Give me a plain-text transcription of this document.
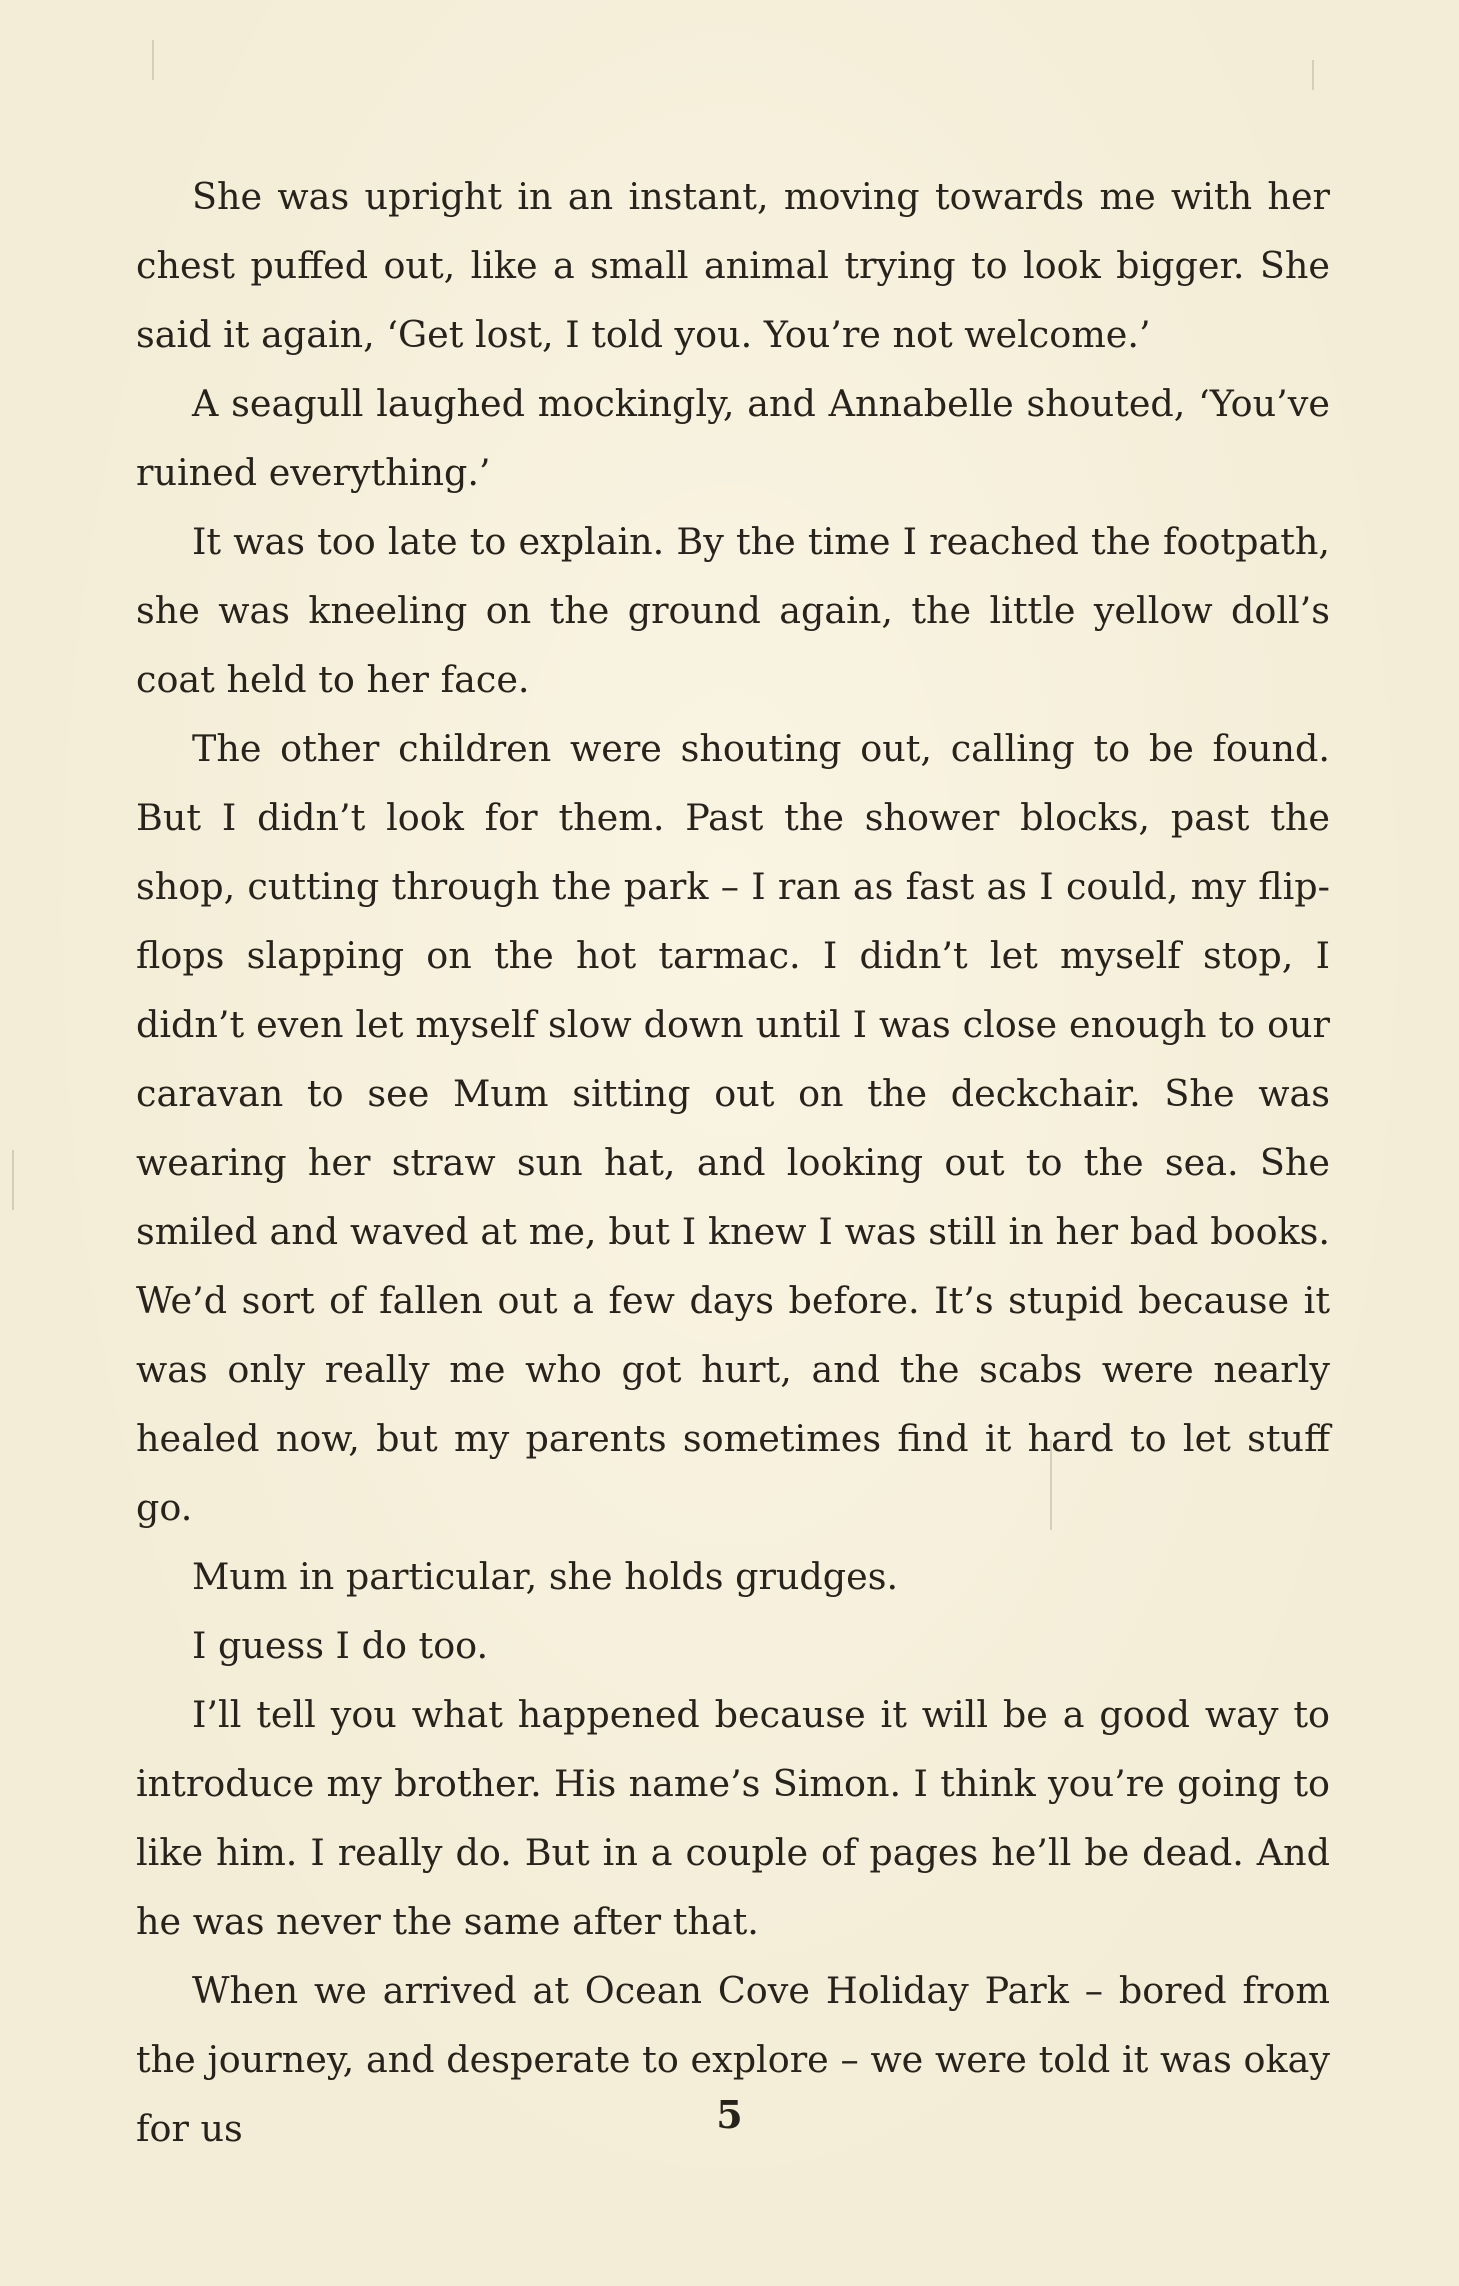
She was upright in an instant, moving towards me with her chest puffed out, like a small animal trying to look bigger. She said it again, ‘Get lost, I told you. You’re not welcome.’

A seagull laughed mockingly, and Annabelle shouted, ‘You’ve ruined everything.’

It was too late to explain. By the time I reached the footpath, she was kneeling on the ground again, the little yellow doll’s coat held to her face.

The other children were shouting out, calling to be found. But I didn’t look for them. Past the shower blocks, past the shop, cutting through the park – I ran as fast as I could, my flip-flops slapping on the hot tarmac. I didn’t let myself stop, I didn’t even let myself slow down until I was close enough to our caravan to see Mum sitting out on the deckchair. She was wearing her straw sun hat, and looking out to the sea. She smiled and waved at me, but I knew I was still in her bad books. We’d sort of fallen out a few days before. It’s stupid because it was only really me who got hurt, and the scabs were nearly healed now, but my parents sometimes find it hard to let stuff go.

Mum in particular, she holds grudges.

I guess I do too.

I’ll tell you what happened because it will be a good way to introduce my brother. His name’s Simon. I think you’re going to like him. I really do. But in a couple of pages he’ll be dead. And he was never the same after that.

When we arrived at Ocean Cove Holiday Park – bored from the journey, and desperate to explore – we were told it was okay for us	5
